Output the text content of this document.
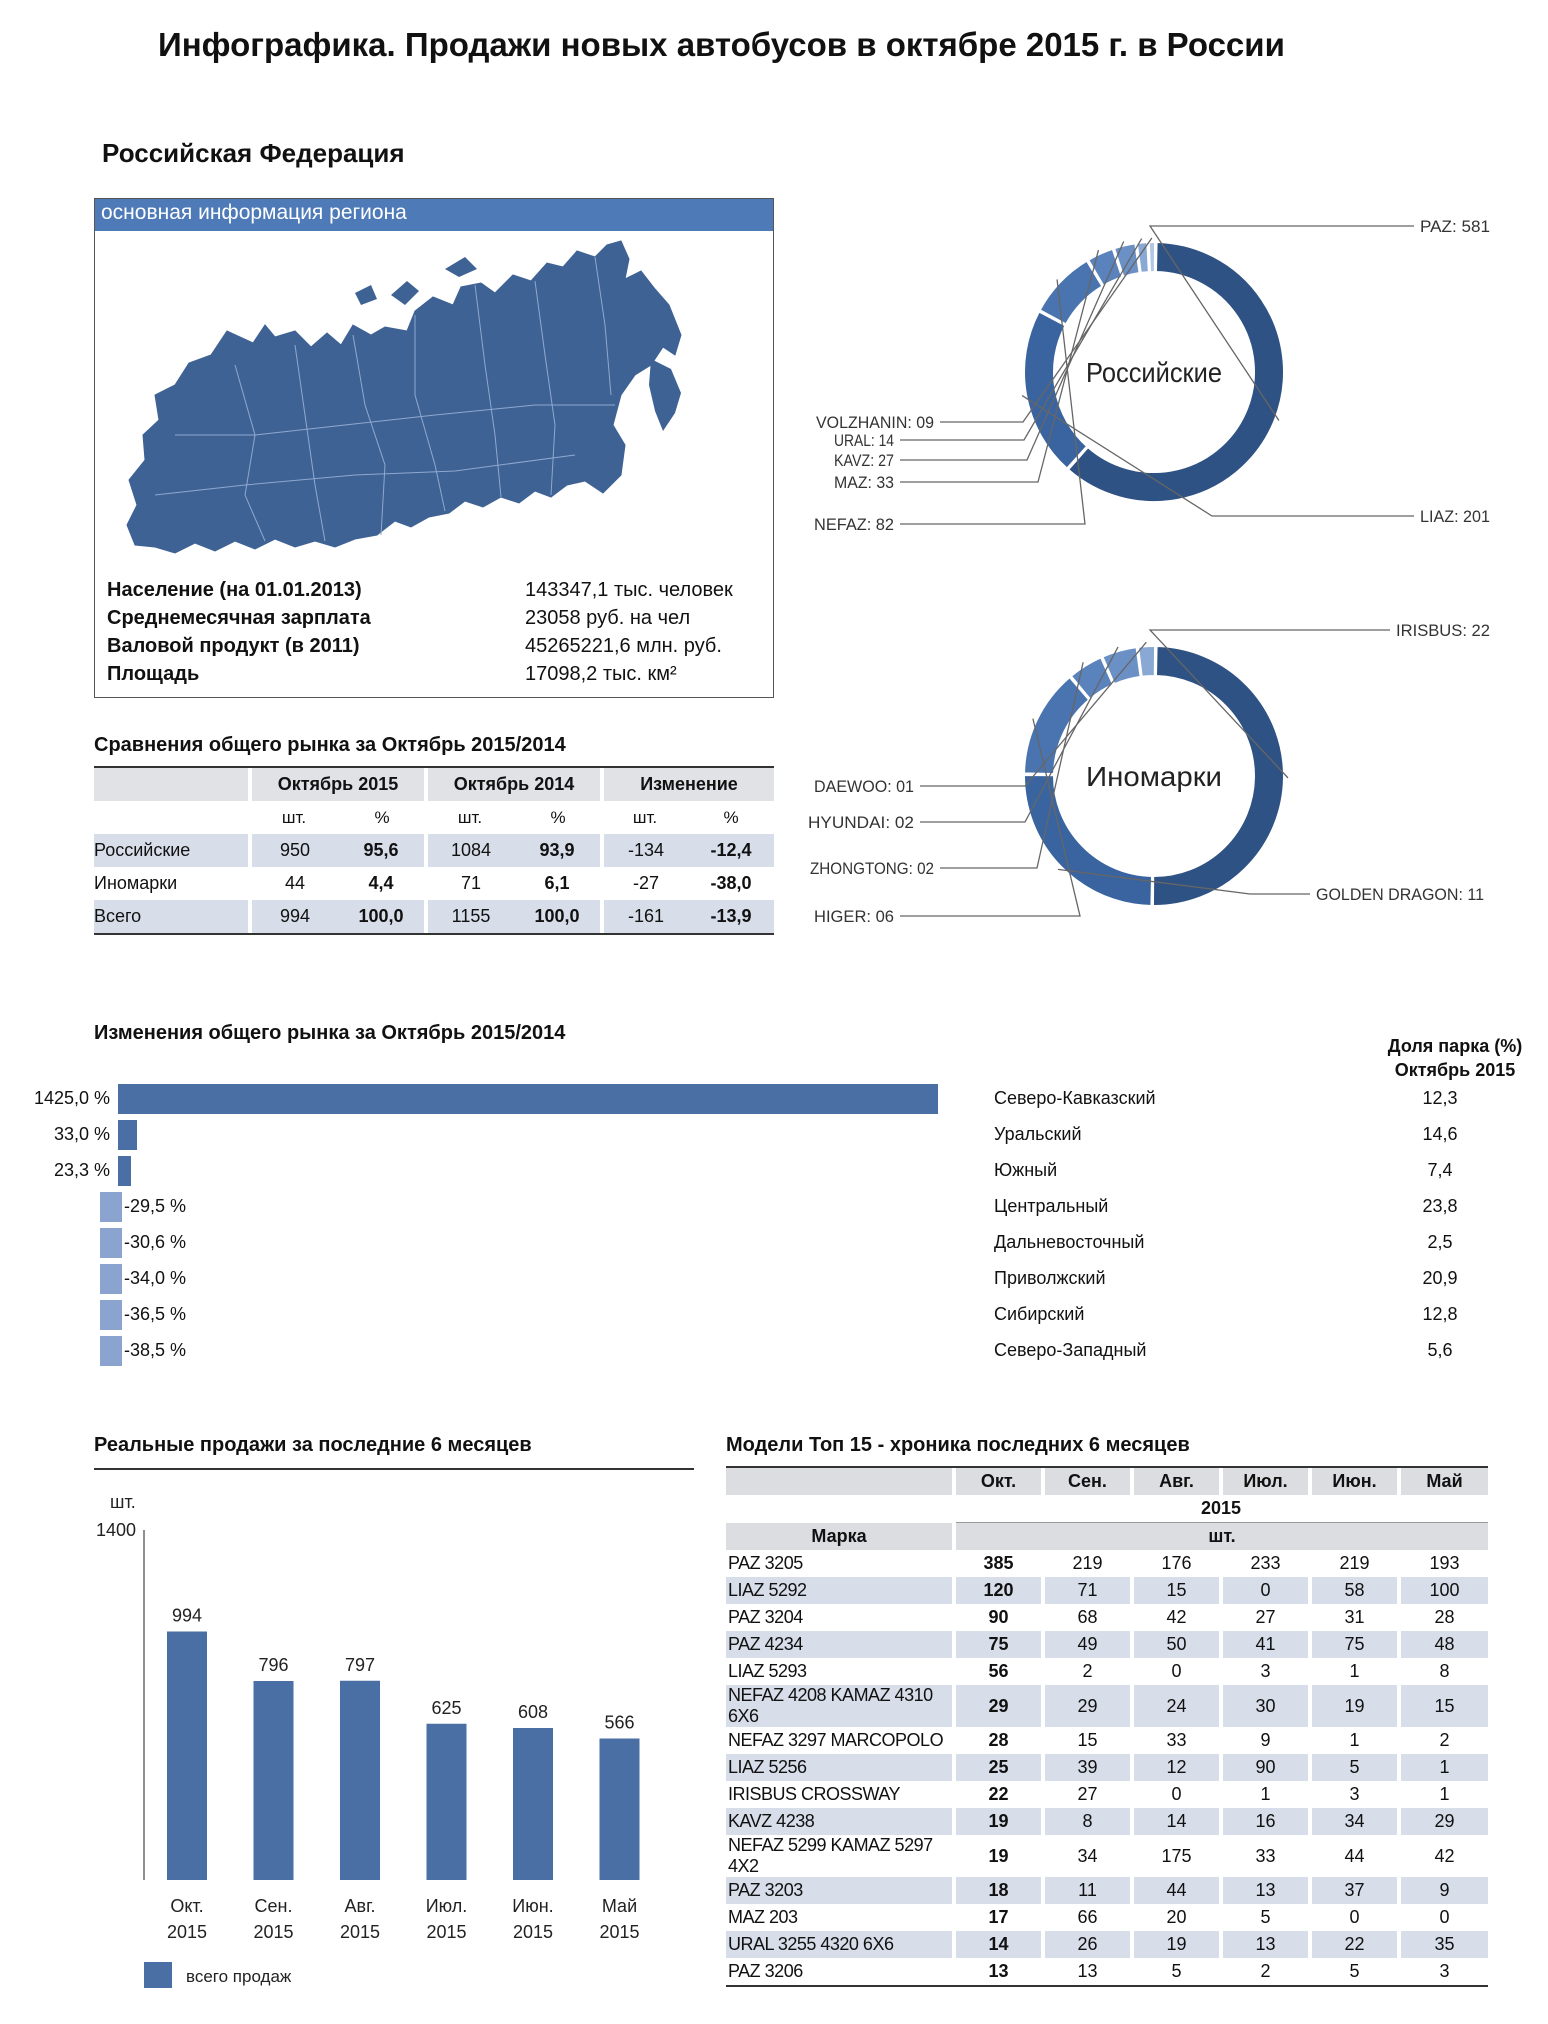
Инфографика. Продажи новых автобусов в октябре 2015 г. в России
Российская Федерация
основная информация региона
Население (на 01.01.2013)	143347,1 тыс. человек
Среднемесячная зарплата	23058 руб. на чел
Валовой продукт (в 2011)	45265221,6 млн. руб.
Площадь	17098,2 тыс. км²
Сравнения общего рынка за Октябрь 2015/2014
	Октябрь 2015		Октябрь 2014		Изменение	
	шт.	%	шт.	%	шт.	%
Российские	950	95,6	1084	93,9	-134	-12,4
Иномарки	44	4,4	71	6,1	-27	-38,0
Всего	994	100,0	1155	100,0	-161	-13,9
PAZ: 581
LIAZ: 201
NEFAZ: 82
MAZ: 33
KAVZ: 27
URAL: 14
VOLZHANIN: 09
Российские
IRISBUS: 22
GOLDEN DRAGON: 11
HIGER: 06
ZHONGTONG: 02
HYUNDAI: 02
DAEWOO: 01	Иномарки
Изменения общего рынка за Октябрь 2015/2014
Доля парка (%)
Октябрь 2015
1425,0 %	Северо-Кавказский	12,3
33,0 %	Уральский	14,6
23,3 %	Южный	7,4
-29,5 %	Центральный	23,8
-30,6 %	Дальневосточный	2,5
-34,0 %	Приволжский	20,9
-36,5 %	Сибирский	12,8
-38,5 %	Северо-Западный	5,6
Реальные продажи за последние 6 месяцев
шт.
1400
994
Окт.
2015
796
Сен.
2015
797
Авг.
2015
625
Июл.
2015
608
Июн.
2015
566
Май
2015
всего продаж
Модели Топ 15 - хроника последних 6 месяцев
	Окт.	Сен.	Авг.	Июл.	Июн.	Май
	2015					
Марка	шт.					
PAZ 3205	385	219	176	233	219	193
LIAZ 5292	120	71	15	0	58	100
PAZ 3204	90	68	42	27	31	28
PAZ 4234	75	49	50	41	75	48
LIAZ 5293	56	2	0	3	1	8
NEFAZ 4208 KAMAZ 4310 6X6	29	29	24	30	19	15
NEFAZ 3297 MARCOPOLO	28	15	33	9	1	2
LIAZ 5256	25	39	12	90	5	1
IRISBUS CROSSWAY	22	27	0	1	3	1
KAVZ 4238	19	8	14	16	34	29
NEFAZ 5299 KAMAZ 5297 4X2	19	34	175	33	44	42
PAZ 3203	18	11	44	13	37	9
MAZ 203	17	66	20	5	0	0
URAL 3255 4320 6X6	14	26	19	13	22	35
PAZ 3206	13	13	5	2	5	3
